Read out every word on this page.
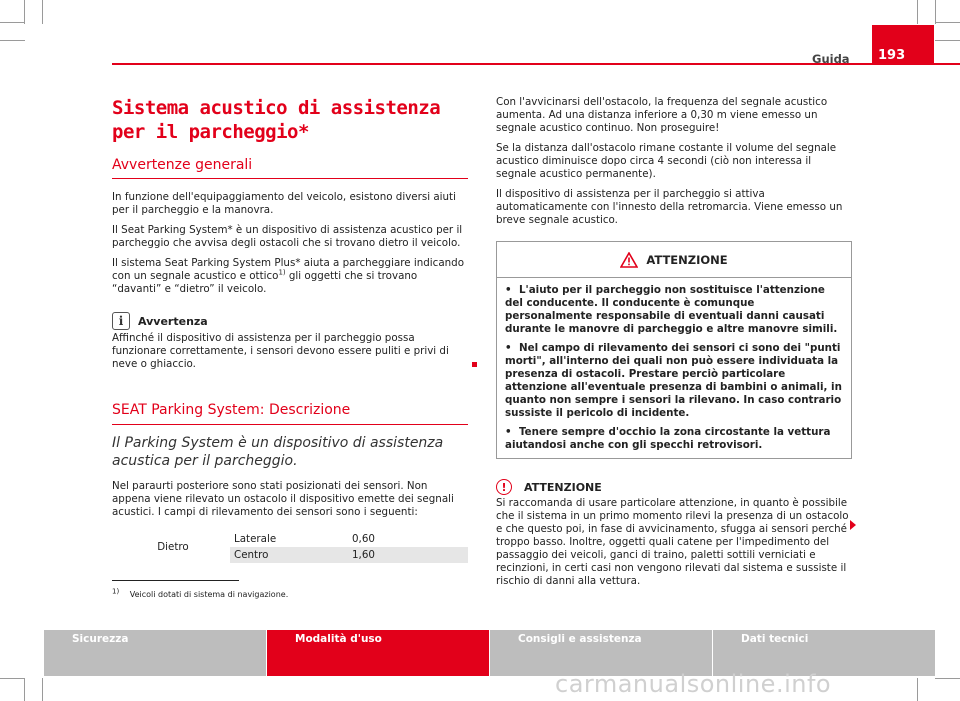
Guida	193
Sistema acustico di assistenza per il parcheggio*
Avvertenze generali
In funzione dell'equipaggiamento del veicolo, esistono diversi aiuti per il parcheggio e la manovra.
Il Seat Parking System* è un dispositivo di assistenza acustico per il parcheggio che avvisa degli ostacoli che si trovano dietro il veicolo.
Il sistema Seat Parking System Plus* aiuta a parcheggiare indicando con un segnale acustico e ottico$^{1)}$ gli oggetti che si trovano “davanti” e “dietro” il veicolo.
i	Avvertenza
Affinché il dispositivo di assistenza per il parcheggio possa funzionare correttamente, i sensori devono essere puliti e privi di neve o ghiaccio.
SEAT Parking System: Descrizione
Il Parking System è un dispositivo di assistenza acustica per il parcheggio.
Nel paraurti posteriore sono stati posizionati dei sensori. Non appena viene rilevato un ostacolo il dispositivo emette dei segnali acustici. I campi di rilevamento dei sensori sono i seguenti:
Dietro	Laterale	0,60
	Centro	1,60
Con l'avvicinarsi dell'ostacolo, la frequenza del segnale acustico aumenta. Ad una distanza inferiore a 0,30 m viene emesso un segnale acustico continuo. Non proseguire!
Se la distanza dall'ostacolo rimane costante il volume del segnale acustico diminuisce dopo circa 4 secondi (ciò non interessa il segnale acustico permanente).
Il dispositivo di assistenza per il parcheggio si attiva automaticamente con l'innesto della retromarcia. Viene emesso un breve segnale acustico.
ATTENZIONE
• L'aiuto per il parcheggio non sostituisce l'attenzione del conducente. Il conducente è comunque personalmente responsabile di eventuali danni causati durante le manovre di parcheggio e altre manovre simili.
• Nel campo di rilevamento dei sensori ci sono dei "punti morti", all'interno dei quali non può essere individuata la presenza di ostacoli. Prestare perciò particolare attenzione all'eventuale presenza di bambini o animali, in quanto non sempre i sensori la rilevano. In caso contrario sussiste il pericolo di incidente.
• Tenere sempre d'occhio la zona circostante la vettura aiutandosi anche con gli specchi retrovisori.
!	ATTENZIONE
Si raccomanda di usare particolare attenzione, in quanto è possibile che il sistema in un primo momento rilevi la presenza di un ostacolo e che questo poi, in fase di avvicinamento, sfugga ai sensori perché troppo basso. Inoltre, oggetti quali catene per l'impedimento del passaggio dei veicoli, ganci di traino, paletti sottili verniciati e recinzioni, in certi casi non vengono rilevati dal sistema e sussiste il rischio di danni alla vettura.
1) Veicoli dotati di sistema di navigazione.
Sicurezza	Modalità d'uso	Consigli e assistenza	Dati tecnici
carmanualsonline.info
